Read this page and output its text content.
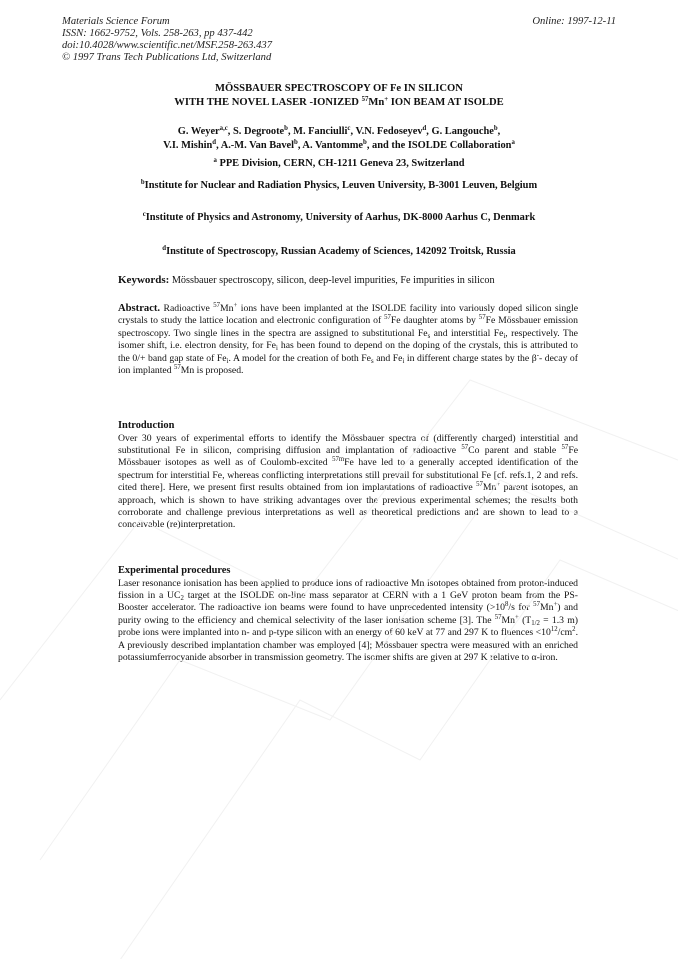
Materials Science Forum
ISSN: 1662-9752, Vols. 258-263, pp 437-442
doi:10.4028/www.scientific.net/MSF.258-263.437
© 1997 Trans Tech Publications Ltd, Switzerland
Online: 1997-12-11
MÖSSBAUER SPECTROSCOPY OF Fe IN SILICON
WITH THE NOVEL LASER -IONIZED $^{57}$Mn+ ION BEAM AT ISOLDE
G. Weyer$^{a,c}$, S. Degroote$^b$, M. Fanciulli$^c$, V.N. Fedoseyev$^d$, G. Langouche$^b$,
V.I. Mishin$^d$, A.-M. Van Bavel$^b$, A. Vantomme$^b$, and the ISOLDE Collaboration$^a$
$^a$ PPE Division, CERN, CH-1211 Geneva 23, Switzerland
$^b$Institute for Nuclear and Radiation Physics, Leuven University, B-3001 Leuven, Belgium
$^c$Institute of Physics and Astronomy, University of Aarhus, DK-8000 Aarhus C, Denmark
$^d$Institute of Spectroscopy, Russian Academy of Sciences, 142092 Troitsk, Russia
Keywords: Mössbauer spectroscopy, silicon, deep-level impurities, Fe impurities in silicon

Abstract. Radioactive $^{57}$Mn+ ions have been implanted at the ISOLDE facility into variously doped silicon single crystals to study the lattice location and electronic configuration of $^{57}$Fe daughter atoms by $^{57}$Fe Mössbauer emission spectroscopy. Two single lines in the spectra are assigned to substitutional $Fe_s$ and interstitial $Fe_i$, respectively. The isomer shift, i.e. electron density, for $Fe_i$ has been found to depend on the doping of the crystals, this is attributed to the 0/+ band gap state of $Fe_i$. A model for the creation of both $Fe_s$ and $Fe_i$ in different charge states by the β-- decay of ion implanted $^{57}$Mn is proposed.

Introduction

Over 30 years of experimental efforts to identify the Mössbauer spectra of (differently charged) interstitial and substitutional Fe in silicon, comprising diffusion and implantation of radioactive $^{57}$Co parent and stable $^{57}$Fe Mössbauer isotopes as well as of Coulomb-excited $^{57m}$Fe have led to a generally accepted identification of the spectrum for interstitial Fe, whereas conflicting interpretations still prevail for substitutional Fe [cf. refs.1, 2 and refs. cited there]. Here, we present first results obtained from ion implantations of radioactive $^{57}$Mn+ parent isotopes, an approach, which is shown to have striking advantages over the previous experimental schemes; the results both corroborate and challenge previous interpretations as well as theoretical predictions and are shown to lead to a conceivable (re)interpretation.

Experimental procedures

Laser resonance ionisation has been applied to produce ions of radioactive Mn isotopes obtained from proton-induced fission in a $UC_2$ target at the ISOLDE on-line mass separator at CERN with a 1 GeV proton beam from the PS-Booster accelerator. The radioactive ion beams were found to have unprecedented intensity ($>10^8/s$ for $^{57}$Mn+) and purity owing to the efficiency and chemical selectivity of the laser ionisation scheme [3]. The $^{57}$Mn+ ($T_{1/2} = 1.3$ m) probe ions were implanted into n- and p-type silicon with an energy of 60 keV at 77 and 297 K to fluences $<10^{12}/cm^2$. A previously described implantation chamber was employed [4]; Mössbauer spectra were measured with an enriched potassiumferrocyanide absorber in transmission geometry. The isomer shifts are given at 297 K relative to α-iron.
